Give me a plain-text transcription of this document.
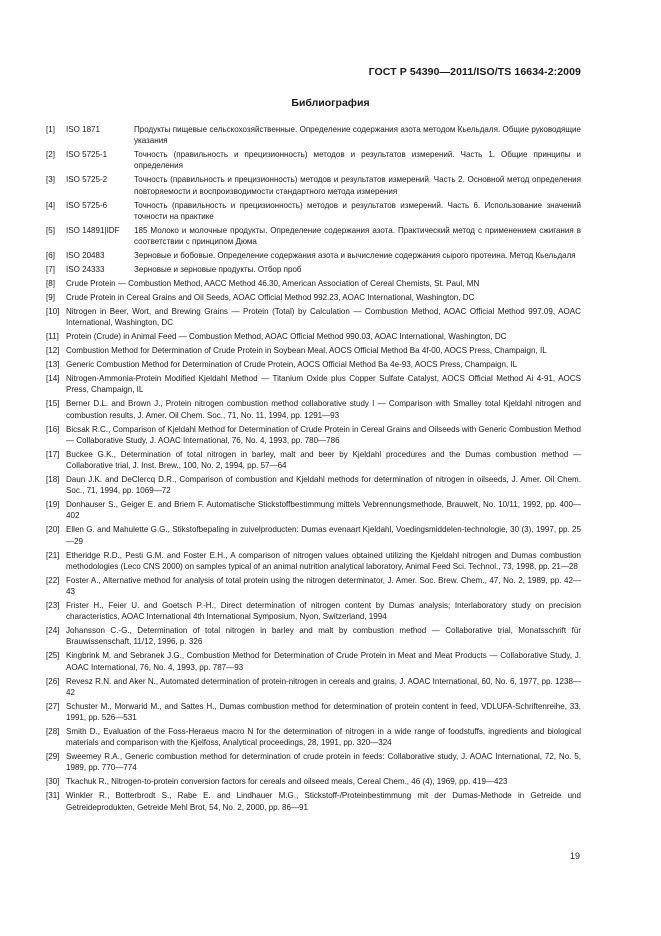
ГОСТ Р 54390—2011/ISO/TS 16634-2:2009
Библиография
[1]	ISO 1871	Продукты пищевые сельскохозяйственные. Определение содержания азота методом Кьельдаля. Общие руководящие указания
[2]	ISO 5725-1	Точность (правильность и прецизионность) методов и результатов измерений. Часть 1. Общие принципы и определения
[3]	ISO 5725-2	Точность (правильность и прецизионность) методов и результатов измерений. Часть 2. Основной метод определения повторяемости и воспроизводимости стандартного метода измерения
[4]	ISO 5725-6	Точность (правильность и прецизионность) методов и результатов измерений. Часть 6. Использование значений точности на практике
[5]	ISO 14891|IDF	185 Молоко и молочные продукты. Определение содержания азота. Практический метод с применением сжигания в соответствии с принципом Дюма
[6]	ISO 20483	Зерновые и бобовые. Определение содержания азота и вычисление содержания сырого протеина. Метод Кьельдаля
[7]	ISO 24333	Зерновые и зерновые продукты. Отбор проб
[8]	Crude Protein — Combustion Method, AACC Method 46.30, American Association of Cereal Chemists, St. Paul, MN
[9]	Crude Protein in Cereal Grains and Oil Seeds, AOAC Official Method 992.23, AOAC International, Washington, DC
[10] Nitrogen in Beer, Wort, and Brewing Grains — Protein (Total) by Calculation — Combustion Method, AOAC Official Method 997.09, AOAC International, Washington, DC
[11] Protein (Crude) in Animal Feed — Combustion Method, AOAC Official Method 990.03, AOAC International, Washington, DC
[12] Combustion Method for Determination of Crude Protein in Soybean Meal, AOCS Official Method Ba 4f-00, AOCS Press, Champaign, IL
[13] Generic Combustion Method for Determination of Crude Protein, AOCS Official Method Ba 4e-93, AOCS Press, Champaign, IL
[14] Nitrogen-Ammonia-Protein Modified Kjeldahl Method — Titanium Oxide plus Copper Sulfate Catalyst, AOCS Official Method Ai 4-91, AOCS Press, Champaign, IL
[15] Berner D.L. and Brown J., Protein nitrogen combustion method collaborative study I — Comparison with Smalley total Kjeldahl nitrogen and combustion results, J. Amer. Oil Chem. Soc., 71, No. 11, 1994, pp. 1291—93
[16] Bicsak R.C., Comparison of Kjeldahl Method for Determination of Crude Protein in Cereal Grains and Oilseeds with Generic Combustion Method — Collaborative Study, J. AOAC International, 76, No. 4, 1993, pp. 780—786
[17] Buckee G.K., Determination of total nitrogen in barley, malt and beer by Kjeldahl procedures and the Dumas combustion method — Collaborative trial, J. Inst. Brew., 100, No. 2, 1994, pp. 57—64
[18] Daun J.K. and DeClercq D.R., Comparison of combustion and Kjeldahl methods for determination of nitrogen in oilseeds, J. Amer. Oil Chem. Soc., 71, 1994, pp. 1069—72
[19] Donhauser S., Geiger E. and Briem F. Automatische Stickstoffbestimmung mittels Vebrennungsmethode, Brauwelt, No. 10/11, 1992, pp. 400—402
[20] Ellen G. and Mahulette G.G., Stikstofbepaling in zuivelproducten: Dumas evenaart Kjeldahl, Voedingsmiddelen-technologie, 30 (3), 1997, pp. 25—29
[21] Etheridge R.D., Pesti G.M. and Foster E.H., A comparison of nitrogen values obtained utilizing the Kjeldahl nitrogen and Dumas combustion methodologies (Leco CNS 2000) on samples typical of an animal nutrition analytical laboratory, Animal Feed Sci. Technol., 73, 1998, pp. 21—28
[22] Foster A., Alternative method for analysis of total protein using the nitrogen determinator, J. Amer. Soc. Brew. Chem., 47, No. 2, 1989, pp. 42—43
[23] Frister H., Feier U. and Goetsch P.-H., Direct determination of nitrogen content by Dumas analysis; Interlaboratory study on precision characteristics, AOAC International 4th International Symposium, Nyon, Switzerland, 1994
[24] Johansson C.-G., Determination of total nitrogen in barley and malt by combustion method — Collaborative trial, Monatsschrift für Brauwissenschaft, 11/12, 1996, p. 326
[25] Kingbrink M. and Sebranek J.G., Combustion Method for Determination of Crude Protein in Meat and Meat Products — Collaborative Study, J. AOAC International, 76, No. 4, 1993, pp. 787—93
[26] Revesz R.N. and Aker N., Automated determination of protein-nitrogen in cereals and grains, J. AOAC International, 60, No. 6, 1977, pp. 1238—42
[27] Schuster M., Morwarid M., and Sattes H., Dumas combustion method for determination of protein content in feed, VDLUFA-Schriftenreihe, 33, 1991, pp. 526—531
[28] Smith D., Evaluation of the Foss-Heraeus macro N for the determination of nitrogen in a wide range of foodstuffs, ingredients and biological materials and comparison with the Kjelfoss, Analytical proceedings, 28, 1991, pp. 320—324
[29] Sweemey R.A., Generic combustion method for determination of crude protein in feeds: Collaborative study, J. AOAC International, 72, No. 5, 1989, pp. 770—774
[30] Tkachuk R., Nitrogen-to-protein conversion factors for cereals and oilseed meals, Cereal Chem., 46 (4), 1969, pp. 419—423
[31] Winkler R., Botterbrodt S., Rabe E. and Lindhauer M.G., Stickstoff-/Proteinbestimmung mit der Dumas-Methode in Getreide und Getreideprodukten, Getreide Mehl Brot, 54, No. 2, 2000, pp. 86—91
19
